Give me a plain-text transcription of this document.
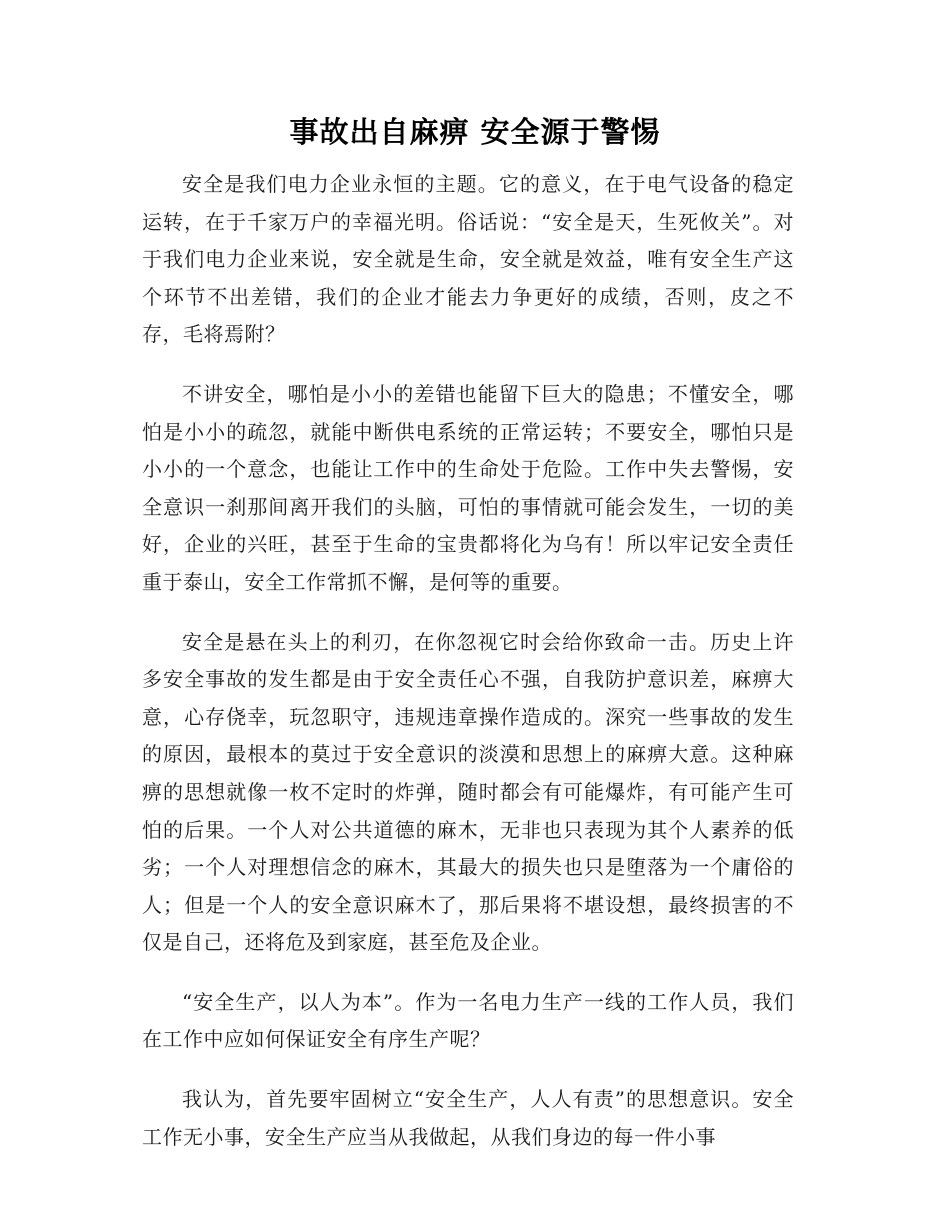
事故出自麻痹 安全源于警惕

安全是我们电力企业永恒的主题。它的意义，在于电气设备的稳定运转，在于千家万户的幸福光明。俗话说：“安全是天，生死攸关”。对于我们电力企业来说，安全就是生命，安全就是效益，唯有安全生产这个环节不出差错，我们的企业才能去力争更好的成绩，否则，皮之不存，毛将焉附？

不讲安全，哪怕是小小的差错也能留下巨大的隐患；不懂安全，哪怕是小小的疏忽，就能中断供电系统的正常运转；不要安全，哪怕只是小小的一个意念，也能让工作中的生命处于危险。工作中失去警惕，安全意识一刹那间离开我们的头脑，可怕的事情就可能会发生，一切的美好，企业的兴旺，甚至于生命的宝贵都将化为乌有！所以牢记安全责任重于泰山，安全工作常抓不懈，是何等的重要。

安全是悬在头上的利刃，在你忽视它时会给你致命一击。历史上许多安全事故的发生都是由于安全责任心不强，自我防护意识差，麻痹大意，心存侥幸，玩忽职守，违规违章操作造成的。深究一些事故的发生的原因，最根本的莫过于安全意识的淡漠和思想上的麻痹大意。这种麻痹的思想就像一枚不定时的炸弹，随时都会有可能爆炸，有可能产生可怕的后果。一个人对公共道德的麻木，无非也只表现为其个人素养的低劣；一个人对理想信念的麻木，其最大的损失也只是堕落为一个庸俗的人；但是一个人的安全意识麻木了，那后果将不堪设想，最终损害的不仅是自己，还将危及到家庭，甚至危及企业。

“安全生产，以人为本”。作为一名电力生产一线的工作人员，我们在工作中应如何保证安全有序生产呢？

我认为，首先要牢固树立“安全生产，人人有责”的思想意识。安全工作无小事，安全生产应当从我做起，从我们身边的每一件小事
